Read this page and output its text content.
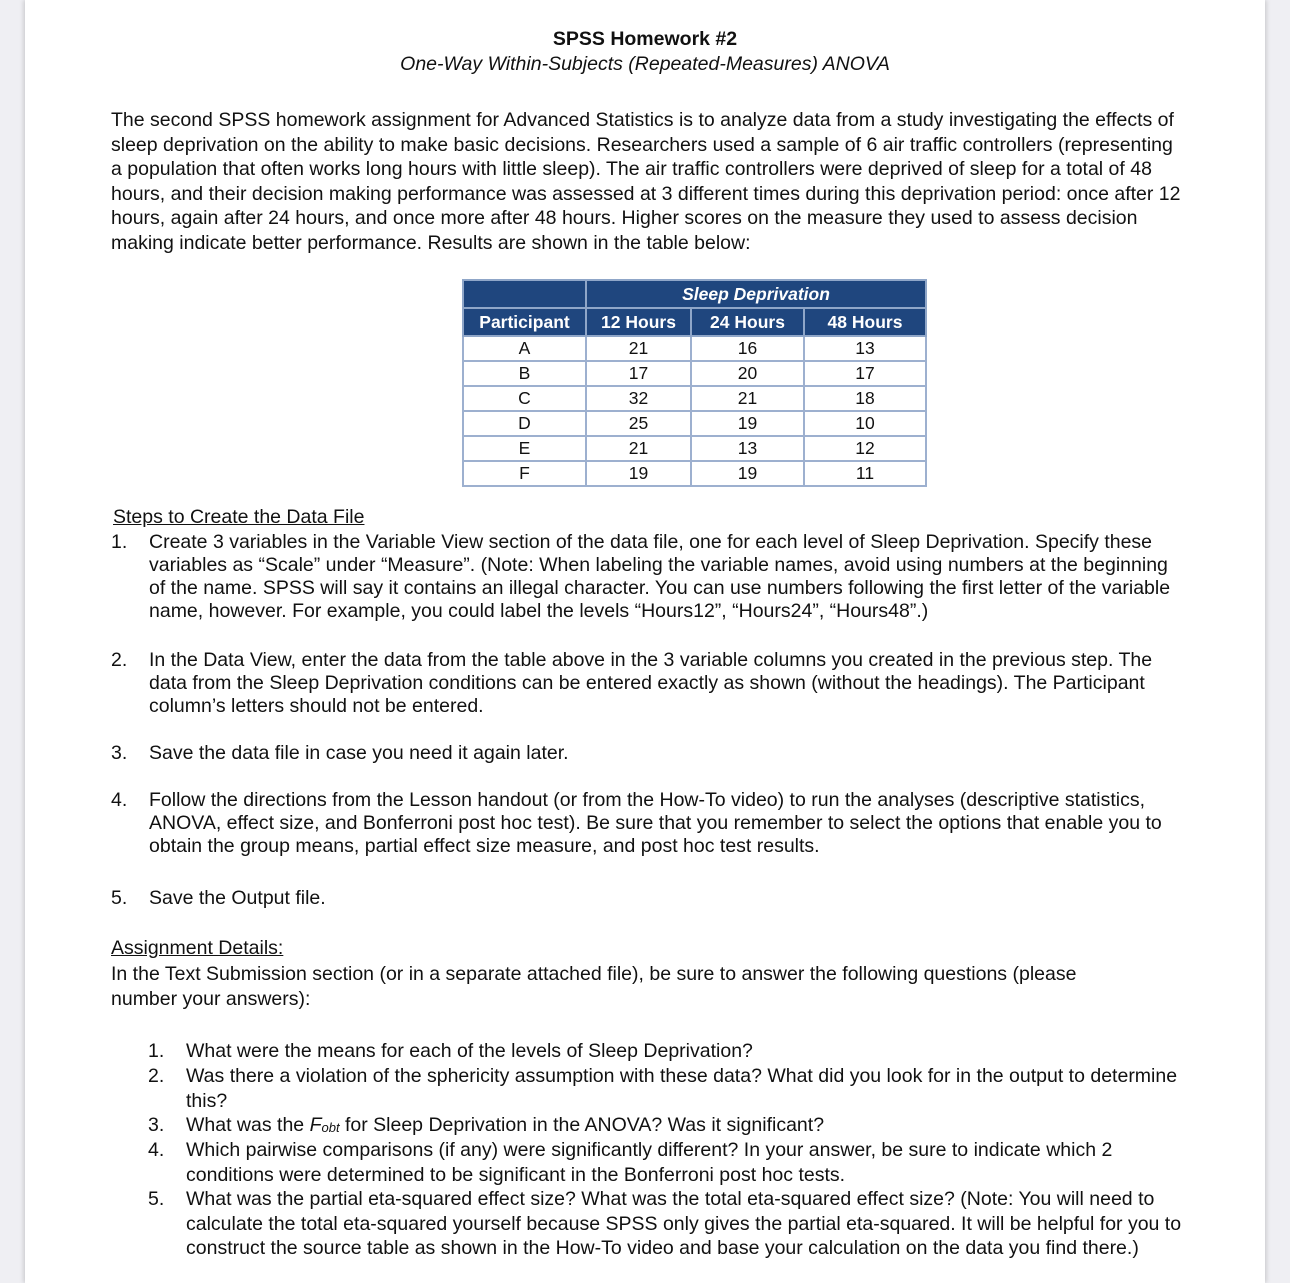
SPSS Homework #2
One-Way Within-Subjects (Repeated-Measures) ANOVA
The second SPSS homework assignment for Advanced Statistics is to analyze data from a study investigating the effects of sleep deprivation on the ability to make basic decisions. Researchers used a sample of 6 air traffic controllers (representing a population that often works long hours with little sleep). The air traffic controllers were deprived of sleep for a total of 48 hours, and their decision making performance was assessed at 3 different times during this deprivation period: once after 12 hours, again after 24 hours, and once more after 48 hours. Higher scores on the measure they used to assess decision making indicate better performance. Results are shown in the table below:
	Sleep Deprivation		
Participant	12 Hours	24 Hours	48 Hours
A	21	16	13
B	17	20	17
C	32	21	18
D	25	19	10
E	21	13	12
F	19	19	11
Steps to Create the Data File
1. Create 3 variables in the Variable View section of the data file, one for each level of Sleep Deprivation. Specify these variables as “Scale” under “Measure”. (Note: When labeling the variable names, avoid using numbers at the beginning of the name. SPSS will say it contains an illegal character. You can use numbers following the first letter of the variable name, however. For example, you could label the levels “Hours12”, “Hours24”, “Hours48”.)
2. In the Data View, enter the data from the table above in the 3 variable columns you created in the previous step. The data from the Sleep Deprivation conditions can be entered exactly as shown (without the headings). The Participant column’s letters should not be entered.
3. Save the data file in case you need it again later.
4. Follow the directions from the Lesson handout (or from the How-To video) to run the analyses (descriptive statistics, ANOVA, effect size, and Bonferroni post hoc test). Be sure that you remember to select the options that enable you to obtain the group means, partial effect size measure, and post hoc test results.
5. Save the Output file.
Assignment Details:
In the Text Submission section (or in a separate attached file), be sure to answer the following questions (please number your answers):
1. What were the means for each of the levels of Sleep Deprivation?
2. Was there a violation of the sphericity assumption with these data? What did you look for in the output to determine this?
3. What was the $F_{obt}$ for Sleep Deprivation in the ANOVA? Was it significant?
4. Which pairwise comparisons (if any) were significantly different? In your answer, be sure to indicate which 2 conditions were determined to be significant in the Bonferroni post hoc tests.
5. What was the partial eta-squared effect size? What was the total eta-squared effect size? (Note: You will need to calculate the total eta-squared yourself because SPSS only gives the partial eta-squared. It will be helpful for you to construct the source table as shown in the How-To video and base your calculation on the data you find there.)
